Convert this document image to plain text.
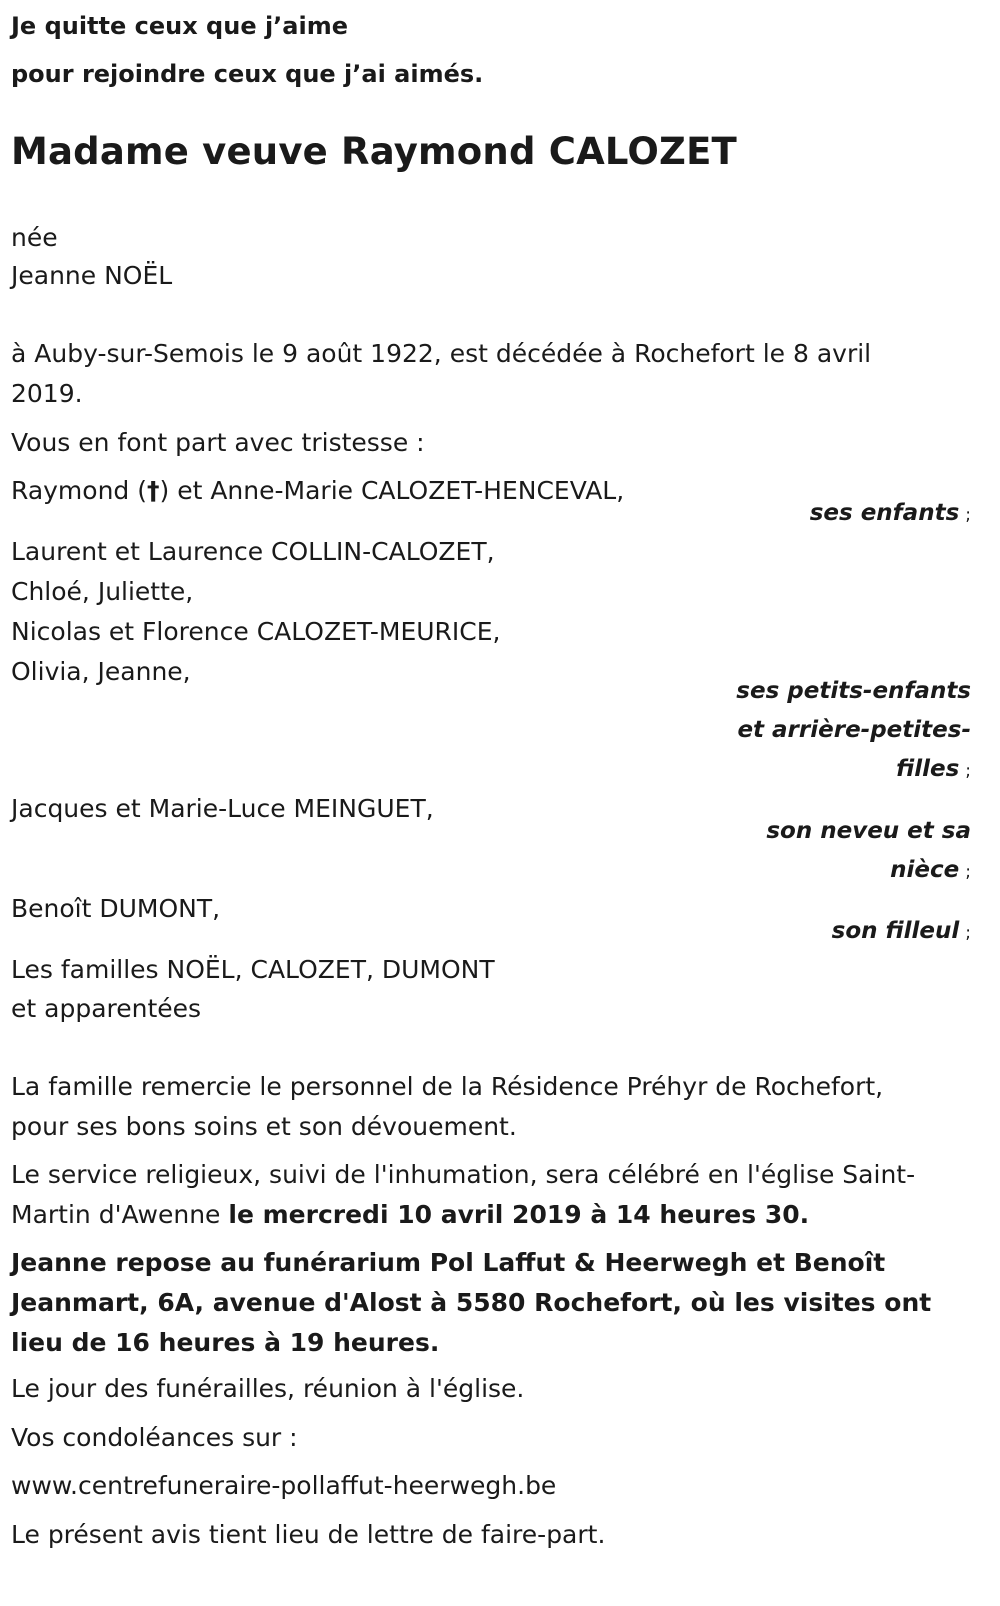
Je quitte ceux que j’aime

pour rejoindre ceux que j’ai aimés.

Madame veuve Raymond CALOZET

née

Jeanne NOËL

à Auby-sur-Semois le 9 août 1922, est décédée à Rochefort le 8 avril 2019.

Vous en font part avec tristesse :

Raymond (†) et Anne-Marie CALOZET-HENCEVAL,

ses enfants ;
Laurent et Laurence COLLIN-CALOZET,
Chloé, Juliette,
Nicolas et Florence CALOZET-MEURICE,
Olivia, Jeanne,
ses petits-enfants
et arrière-petites-
filles ;

Jacques et Marie-Luce MEINGUET,

son neveu et sa
nièce ;

Benoît DUMONT,

son filleul ;

Les familles NOËL, CALOZET, DUMONT

et apparentées

La famille remercie le personnel de la Résidence Préhyr de Rochefort, pour ses bons soins et son dévouement.

Le service religieux, suivi de l'inhumation, sera célébré en l'église Saint-Martin d'Awenne le mercredi 10 avril 2019 à 14 heures 30.

Jeanne repose au funérarium Pol Laffut & Heerwegh et Benoît Jeanmart, 6A, avenue d'Alost à 5580 Rochefort, où les visites ont lieu de 16 heures à 19 heures.

Le jour des funérailles, réunion à l'église.

Vos condoléances sur :

www.centrefuneraire-pollaffut-heerwegh.be

Le présent avis tient lieu de lettre de faire-part.
